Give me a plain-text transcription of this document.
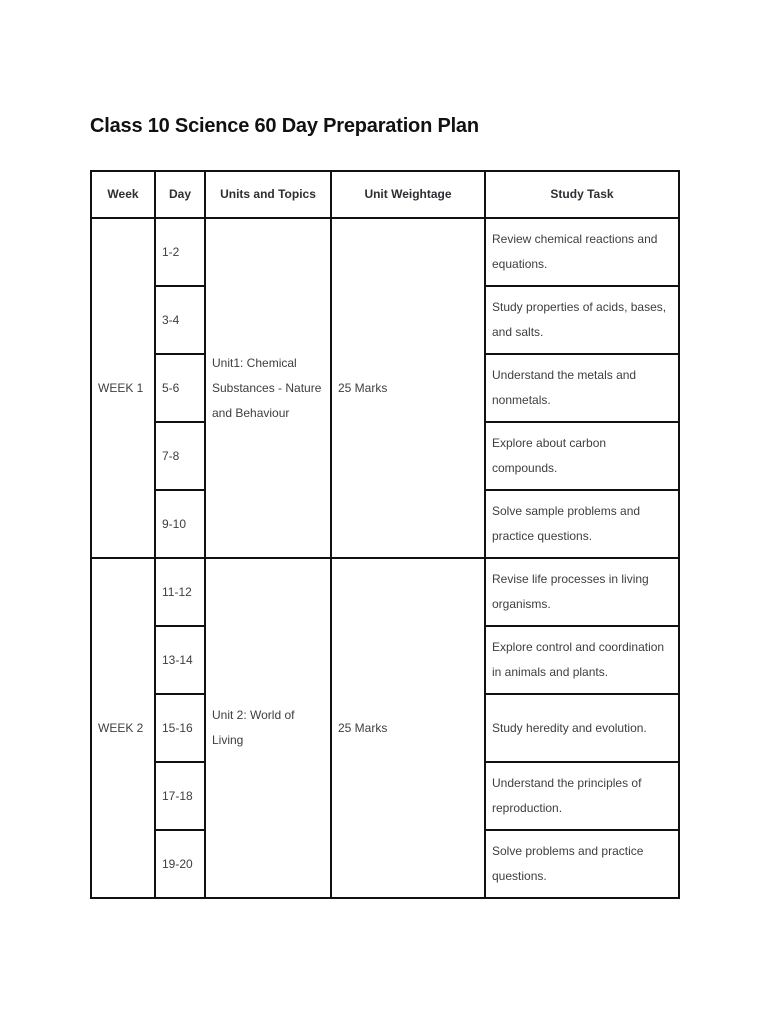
Class 10 Science 60 Day Preparation Plan
Week	Day	Units and Topics	Unit Weightage	Study Task
WEEK 1	1-2	Unit1: Chemical Substances - Nature and Behaviour	25 Marks	Review chemical reactions and equations.
	3-4			Study properties of acids, bases, and salts.
	5-6			Understand the metals and nonmetals.
	7-8			Explore about carbon compounds.
	9-10			Solve sample problems and practice questions.
WEEK 2	11-12	Unit 2: World of Living	25 Marks	Revise life processes in living organisms.
	13-14			Explore control and coordination in animals and plants.
	15-16			Study heredity and evolution.
	17-18			Understand the principles of reproduction.
	19-20			Solve problems and practice questions.
